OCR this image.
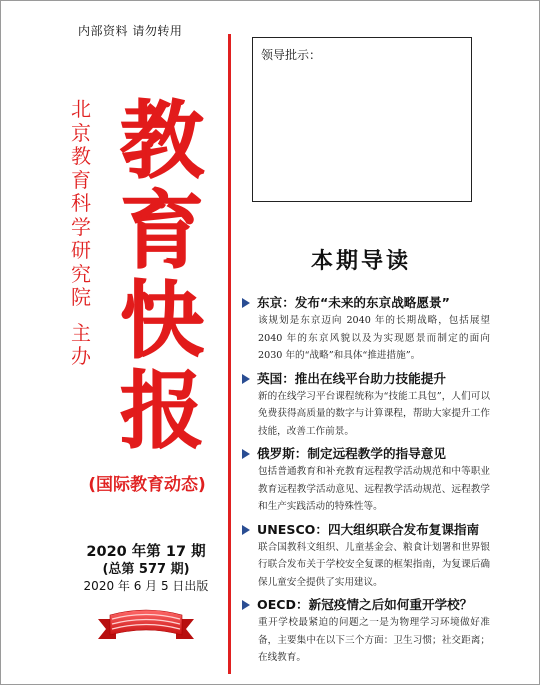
内部资料 请勿转用
北京教育科学研究院
主办
教
育
快
报
(国际教育动态)
2020 年第 17 期
(总第 577 期)
2020 年 6 月 5 日出版
领导批示：
本期导读
东京：发布“未来的东京战略愿景”
该规划是东京迈向 2040 年的长期战略，包括展望 2040 年的东京风貌以及为实现愿景而制定的面向 2030 年的“战略”和具体“推进措施”。
英国：推出在线平台助力技能提升
新的在线学习平台课程统称为“技能工具包”，人们可以免费获得高质量的数字与计算课程，帮助大家提升工作技能，改善工作前景。
俄罗斯：制定远程教学的指导意见
包括普通教育和补充教育远程教学活动规范和中等职业教育远程教学活动意见、远程教学活动规范、远程教学和生产实践活动的特殊性等。
UNESCO：四大组织联合发布复课指南
联合国教科文组织、儿童基金会、粮食计划署和世界银行联合发布关于学校安全复课的框架指南，为复课后确保儿童安全提供了实用建议。
OECD：新冠疫情之后如何重开学校？
重开学校最紧迫的问题之一是为物理学习环境做好准备，主要集中在以下三个方面：卫生习惯；社交距离；在线教育。
